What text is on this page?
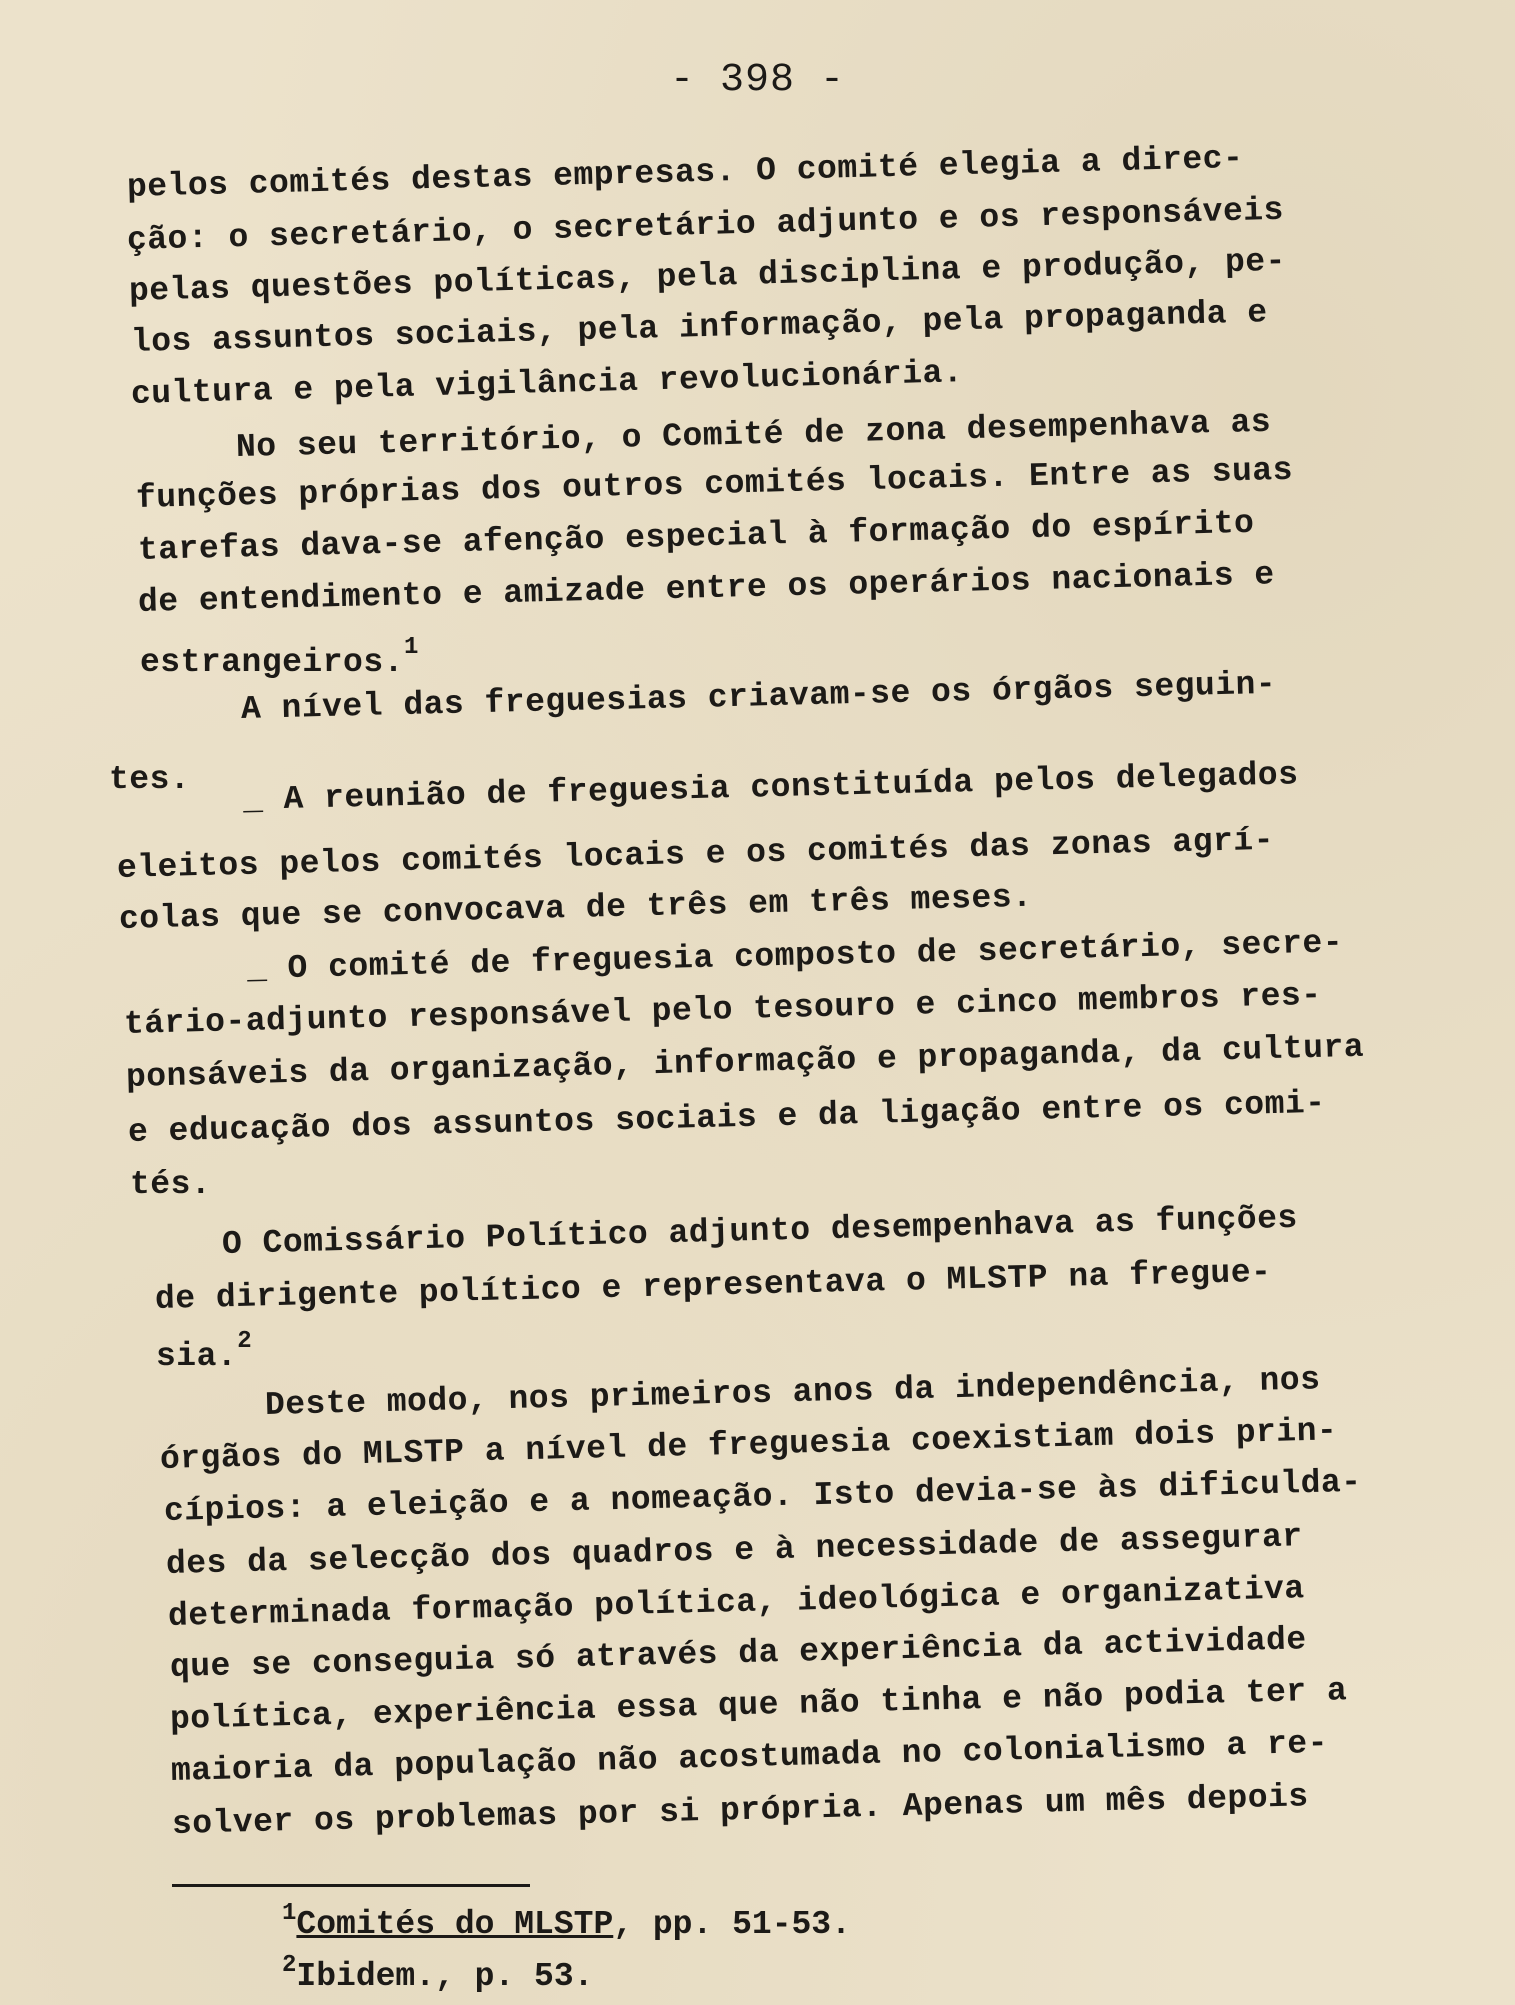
- 398 -
pelos comités destas empresas. O comité elegia a direc-
ção: o secretário, o secretário adjunto e os responsáveis
pelas questões políticas, pela disciplina e produção, pe-
los assuntos sociais, pela informação, pela propaganda e
cultura e pela vigilância revolucionária.
No seu território, o Comité de zona desempenhava as
funções próprias dos outros comités locais. Entre as suas
tarefas dava-se afenção especial à formação do espírito
de entendimento e amizade entre os operários nacionais e
estrangeiros.$^1$
A nível das freguesias criavam-se os órgãos seguin-
tes. _ A reunião de freguesia constituída pelos delegados
eleitos pelos comités locais e os comités das zonas agrí-
colas que se convocava de três em três meses.
_ O comité de freguesia composto de secretário, secre-
tário-adjunto responsável pelo tesouro e cinco membros res-
ponsáveis da organização, informação e propaganda, da cultura
e educação dos assuntos sociais e da ligação entre os comi-
tés.
O Comissário Político adjunto desempenhava as funções
de dirigente político e representava o MLSTP na fregue-
sia.$^2$
Deste modo, nos primeiros anos da independência, nos
órgãos do MLSTP a nível de freguesia coexistiam dois prin-
cípios: a eleição e a nomeação. Isto devia-se às dificulda-
des da selecção dos quadros e à necessidade de assegurar
determinada formação política, ideológica e organizativa
que se conseguia só através da experiência da actividade
política, experiência essa que não tinha e não podia ter a
maioria da população não acostumada no colonialismo a re-
solver os problemas por si própria. Apenas um mês depois
$^1$Comités do MLSTP, pp. 51-53.
$^2$Ibidem., p. 53.
